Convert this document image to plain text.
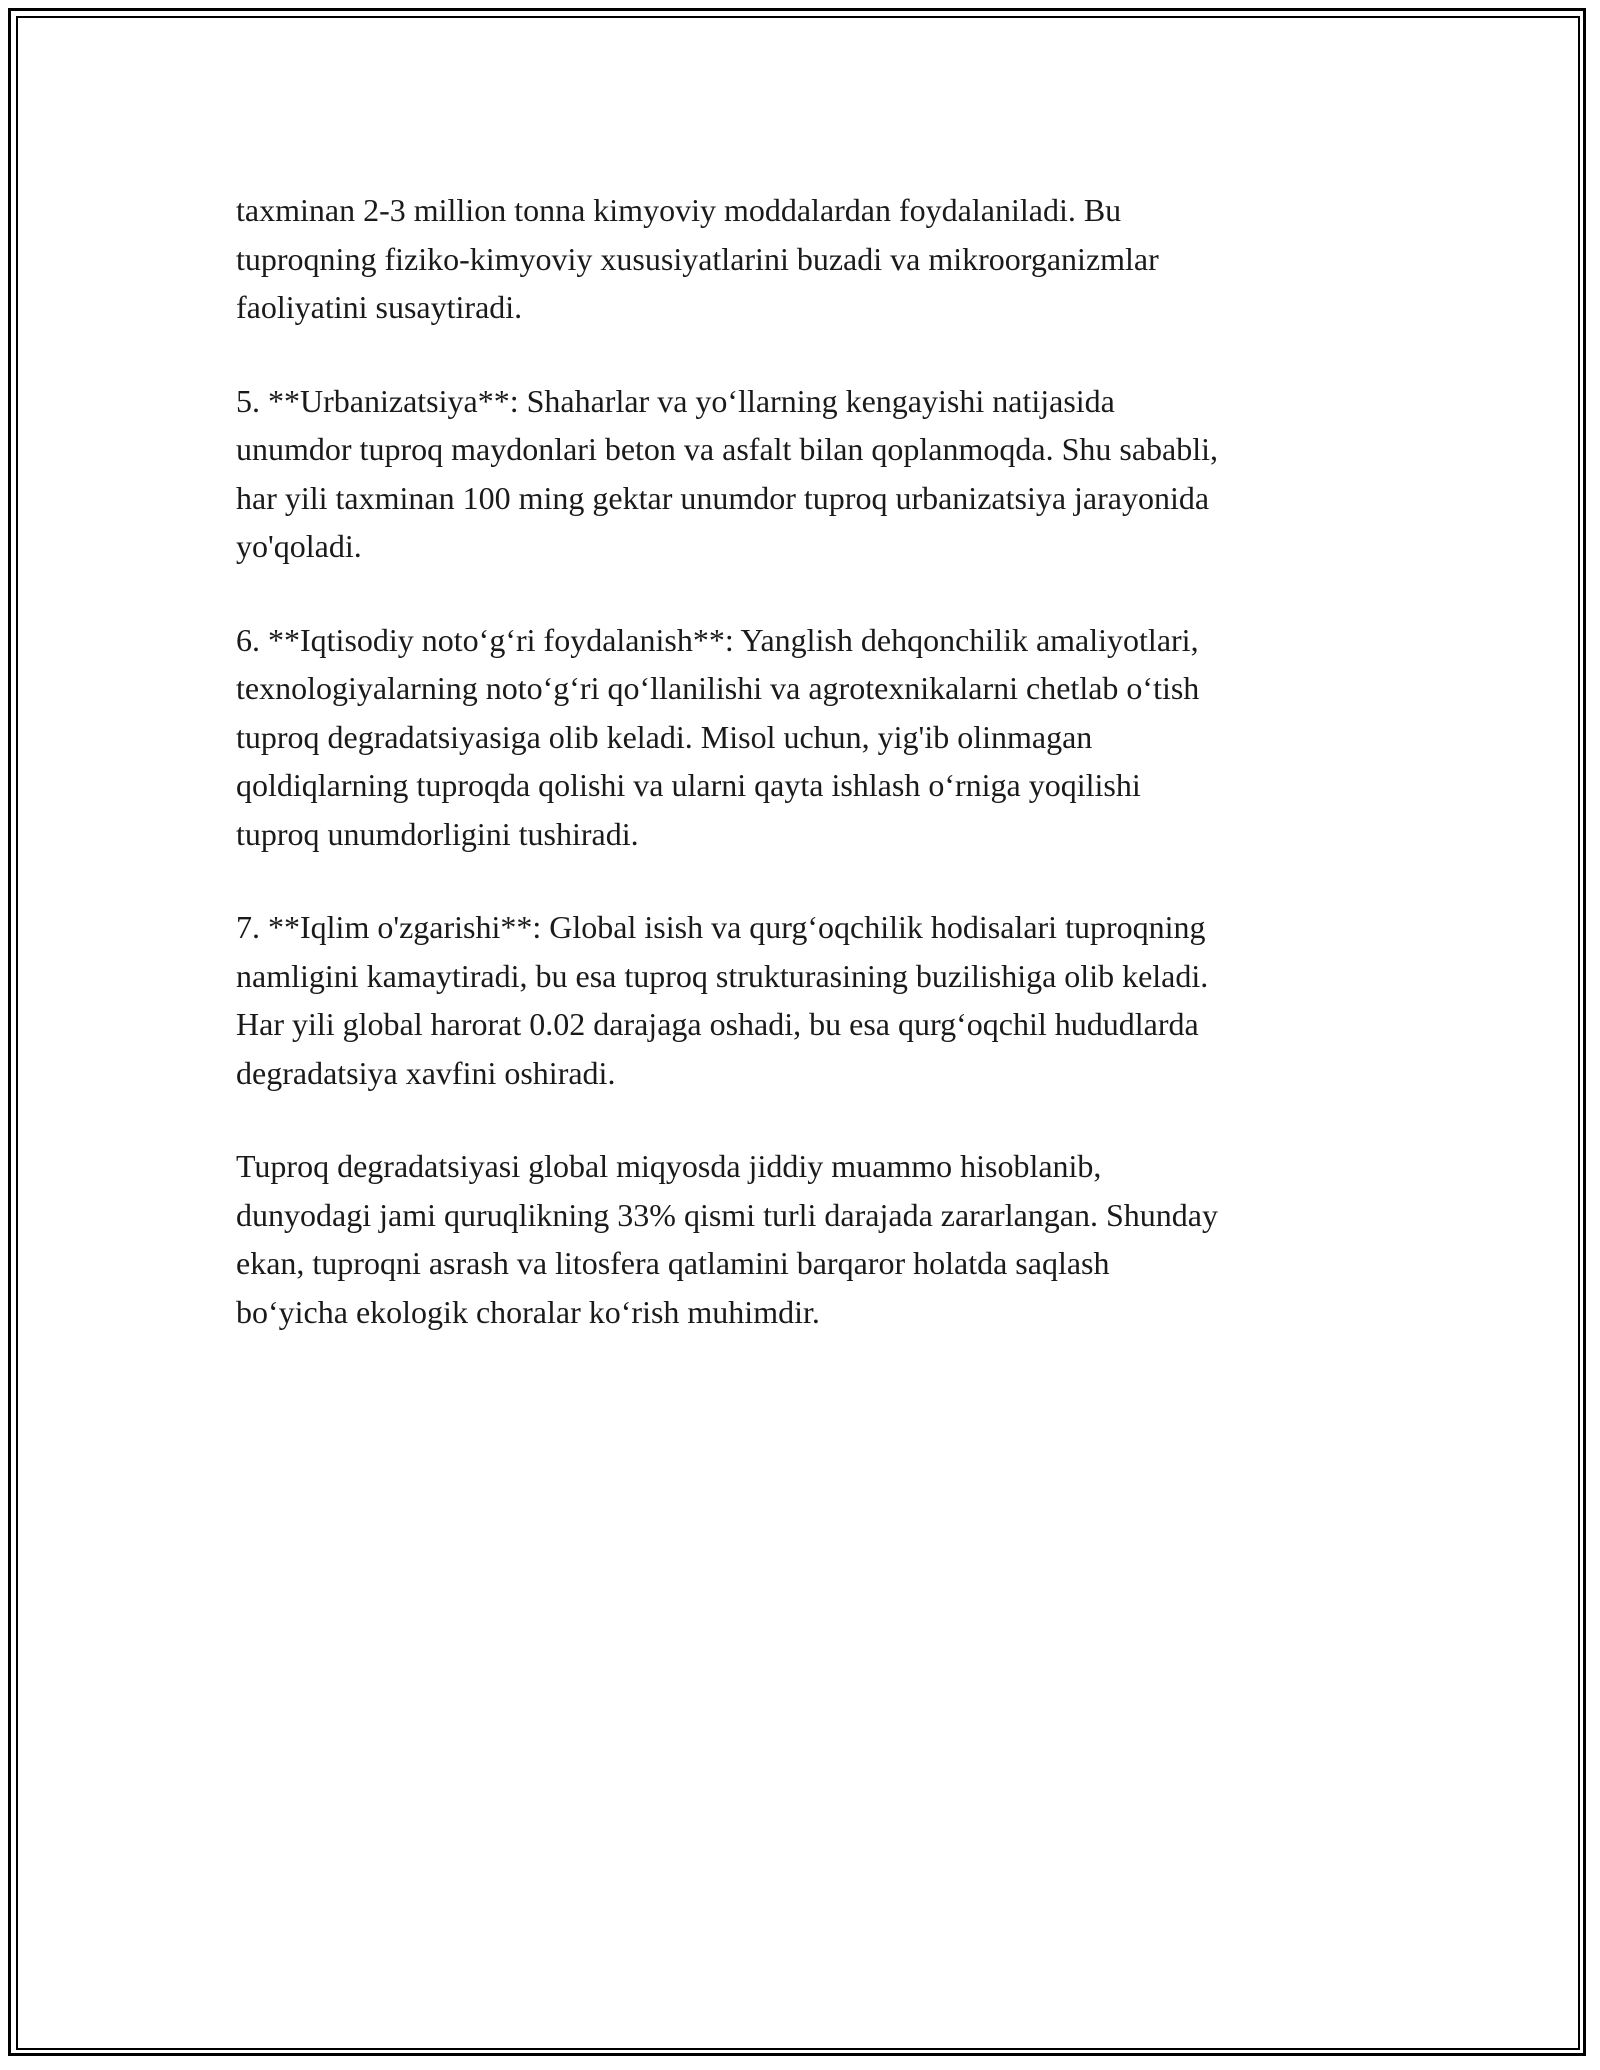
taxminan 2-3 million tonna kimyoviy moddalardan foydalaniladi. Bu
tuproqning fiziko-kimyoviy xususiyatlarini buzadi va mikroorganizmlar
faoliyatini susaytiradi.

5. **Urbanizatsiya**: Shaharlar va yo‘llarning kengayishi natijasida
unumdor tuproq maydonlari beton va asfalt bilan qoplanmoqda. Shu sababli,
har yili taxminan 100 ming gektar unumdor tuproq urbanizatsiya jarayonida
yo'qoladi.

6. **Iqtisodiy noto‘g‘ri foydalanish**: Yanglish dehqonchilik amaliyotlari,
texnologiyalarning noto‘g‘ri qo‘llanilishi va agrotexnikalarni chetlab o‘tish
tuproq degradatsiyasiga olib keladi. Misol uchun, yig'ib olinmagan
qoldiqlarning tuproqda qolishi va ularni qayta ishlash o‘rniga yoqilishi
tuproq unumdorligini tushiradi.

7. **Iqlim o'zgarishi**: Global isish va qurg‘oqchilik hodisalari tuproqning
namligini kamaytiradi, bu esa tuproq strukturasining buzilishiga olib keladi.
Har yili global harorat 0.02 darajaga oshadi, bu esa qurg‘oqchil hududlarda
degradatsiya xavfini oshiradi.

Tuproq degradatsiyasi global miqyosda jiddiy muammo hisoblanib,
dunyodagi jami quruqlikning 33% qismi turli darajada zararlangan. Shunday
ekan, tuproqni asrash va litosfera qatlamini barqaror holatda saqlash
bo‘yicha ekologik choralar ko‘rish muhimdir.
